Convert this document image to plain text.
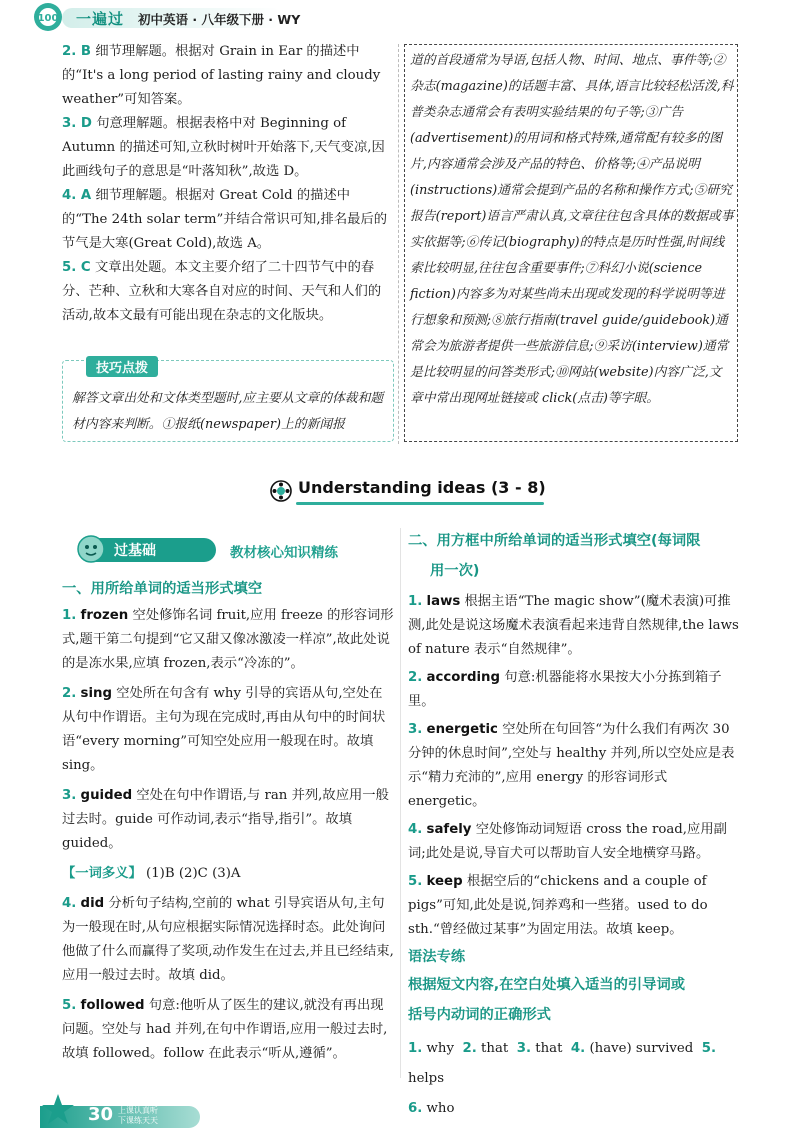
100 一遍过 初中英语 · 八年级下册 · WY
2. B 细节理解题。根据对 Grain in Ear 的描述中的“It's a long period of lasting rainy and cloudy weather”可知答案。
3. D 句意理解题。根据表格中对 Beginning of Autumn 的描述可知,立秋时树叶开始落下,天气变凉,因此画线句子的意思是“叶落知秋”,故选 D。
4. A 细节理解题。根据对 Great Cold 的描述中的“The 24th solar term”并结合常识可知,排名最后的节气是大寒(Great Cold),故选 A。
5. C 文章出处题。本文主要介绍了二十四节气中的春分、芒种、立秋和大寒各自对应的时间、天气和人们的活动,故本文最有可能出现在杂志的文化版块。
技巧点拨
解答文章出处和文体类型题时,应主要从文章的体裁和题材内容来判断。①报纸(newspaper)上的新闻报
道的首段通常为导语,包括人物、时间、地点、事件等;②杂志(magazine)的话题丰富、具体,语言比较轻松活泼,科普类杂志通常会有表明实验结果的句子等;③广告(advertisement)的用词和格式特殊,通常配有较多的图片,内容通常会涉及产品的特色、价格等;④产品说明(instructions)通常会提到产品的名称和操作方式;⑤研究报告(report)语言严肃认真,文章往往包含具体的数据或事实依据等;⑥传记(biography)的特点是历时性强,时间线索比较明显,往往包含重要事件;⑦科幻小说(science fiction)内容多为对某些尚未出现或发现的科学说明等进行想象和预测;⑧旅行指南(travel guide/guidebook)通常会为旅游者提供一些旅游信息;⑨采访(interview)通常是比较明显的问答类形式;⑩网站(website)内容广泛,文章中常出现网址链接或 click(点击)等字眼。
Understanding ideas (3 - 8)
过基础	教材核心知识精练
一、用所给单词的适当形式填空
1. frozen 空处修饰名词 fruit,应用 freeze 的形容词形式,题干第二句提到“它又甜又像冰激凌一样凉”,故此处说的是冻水果,应填 frozen,表示“冷冻的”。
2. sing 空处所在句含有 why 引导的宾语从句,空处在从句中作谓语。主句为现在完成时,再由从句中的时间状语“every morning”可知空处应用一般现在时。故填 sing。
3. guided 空处在句中作谓语,与 ran 并列,故应用一般过去时。guide 可作动词,表示“指导,指引”。故填 guided。
【一词多义】 (1)B (2)C (3)A
4. did 分析句子结构,空前的 what 引导宾语从句,主句为一般现在时,从句应根据实际情况选择时态。此处询问他做了什么而赢得了奖项,动作发生在过去,并且已经结束,应用一般过去时。故填 did。
5. followed 句意:他听从了医生的建议,就没有再出现问题。空处与 had 并列,在句中作谓语,应用一般过去时,故填 followed。follow 在此表示“听从,遵循”。
二、用方框中所给单词的适当形式填空(每词限
用一次)
1. laws 根据主语“The magic show”(魔术表演)可推测,此处是说这场魔术表演看起来违背自然规律,the laws of nature 表示“自然规律”。
2. according 句意:机器能将水果按大小分拣到箱子里。
3. energetic 空处所在句回答“为什么我们有两次 30 分钟的休息时间”,空处与 healthy 并列,所以空处应是表示“精力充沛的”,应用 energy 的形容词形式 energetic。
4. safely 空处修饰动词短语 cross the road,应用副词;此处是说,导盲犬可以帮助盲人安全地横穿马路。
5. keep 根据空后的“chickens and a couple of pigs”可知,此处是说,饲养鸡和一些猪。used to do sth.“曾经做过某事”为固定用法。故填 keep。
语法专练
根据短文内容,在空白处填入适当的引导词或
括号内动词的正确形式
1. why 2. that 3. that 4. (have) survived 5. helps
6. who
30 上课认真听 下课练天天
